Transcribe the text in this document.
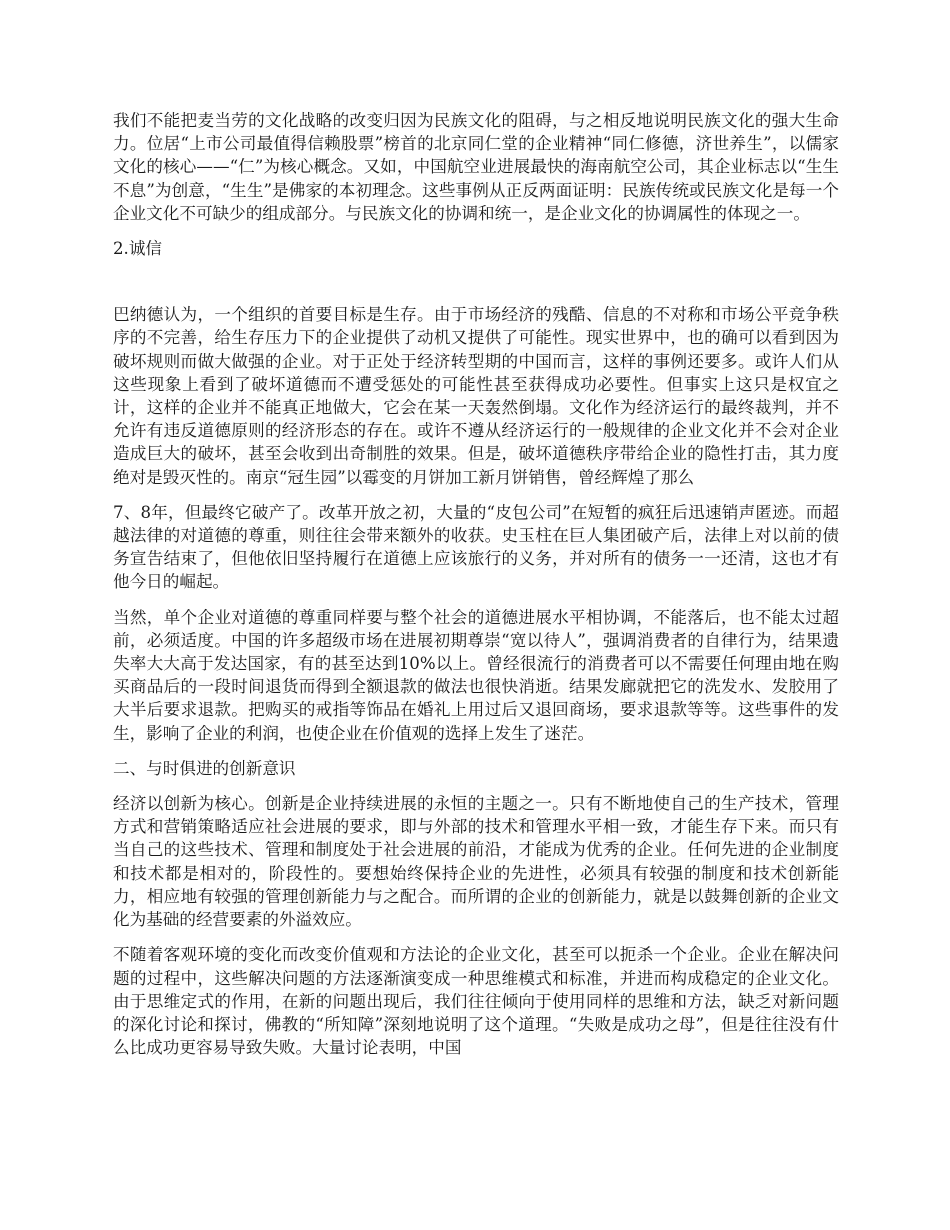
我们不能把麦当劳的文化战略的改变归因为民族文化的阻碍，与之相反地说明民族文化的强大生命力。位居“上市公司最值得信赖股票”榜首的北京同仁堂的企业精神“同仁修德，济世养生”，以儒家文化的核心——“仁”为核心概念。又如，中国航空业进展最快的海南航空公司，其企业标志以“生生不息”为创意，“生生”是佛家的本初理念。这些事例从正反两面证明：民族传统或民族文化是每一个企业文化不可缺少的组成部分。与民族文化的协调和统一，是企业文化的协调属性的体现之一。

2.诚信

巴纳德认为，一个组织的首要目标是生存。由于市场经济的残酷、信息的不对称和市场公平竞争秩序的不完善，给生存压力下的企业提供了动机又提供了可能性。现实世界中，也的确可以看到因为破坏规则而做大做强的企业。对于正处于经济转型期的中国而言，这样的事例还要多。或许人们从这些现象上看到了破坏道德而不遭受惩处的可能性甚至获得成功必要性。但事实上这只是权宜之计，这样的企业并不能真正地做大，它会在某一天轰然倒塌。文化作为经济运行的最终裁判，并不允许有违反道德原则的经济形态的存在。或许不遵从经济运行的一般规律的企业文化并不会对企业造成巨大的破坏，甚至会收到出奇制胜的效果。但是，破坏道德秩序带给企业的隐性打击，其力度绝对是毁灭性的。南京“冠生园”以霉变的月饼加工新月饼销售，曾经辉煌了那么

7、8年，但最终它破产了。改革开放之初，大量的“皮包公司”在短暂的疯狂后迅速销声匿迹。而超越法律的对道德的尊重，则往往会带来额外的收获。史玉柱在巨人集团破产后，法律上对以前的债务宣告结束了，但他依旧坚持履行在道德上应该旅行的义务，并对所有的债务一一还清，这也才有他今日的崛起。

当然，单个企业对道德的尊重同样要与整个社会的道德进展水平相协调，不能落后，也不能太过超前，必须适度。中国的许多超级市场在进展初期尊崇“宽以待人”，强调消费者的自律行为，结果遗失率大大高于发达国家，有的甚至达到10%以上。曾经很流行的消费者可以不需要任何理由地在购买商品后的一段时间退货而得到全额退款的做法也很快消逝。结果发廊就把它的洗发水、发胶用了大半后要求退款。把购买的戒指等饰品在婚礼上用过后又退回商场，要求退款等等。这些事件的发生，影响了企业的利润，也使企业在价值观的选择上发生了迷茫。

二、与时俱进的创新意识

经济以创新为核心。创新是企业持续进展的永恒的主题之一。只有不断地使自己的生产技术，管理方式和营销策略适应社会进展的要求，即与外部的技术和管理水平相一致，才能生存下来。而只有当自己的这些技术、管理和制度处于社会进展的前沿，才能成为优秀的企业。任何先进的企业制度和技术都是相对的，阶段性的。要想始终保持企业的先进性，必须具有较强的制度和技术创新能力，相应地有较强的管理创新能力与之配合。而所谓的企业的创新能力，就是以鼓舞创新的企业文化为基础的经营要素的外溢效应。

不随着客观环境的变化而改变价值观和方法论的企业文化，甚至可以扼杀一个企业。企业在解决问题的过程中，这些解决问题的方法逐渐演变成一种思维模式和标准，并进而构成稳定的企业文化。由于思维定式的作用，在新的问题出现后，我们往往倾向于使用同样的思维和方法，缺乏对新问题的深化讨论和探讨，佛教的“所知障”深刻地说明了这个道理。“失败是成功之母”，但是往往没有什么比成功更容易导致失败。大量讨论表明，中国
